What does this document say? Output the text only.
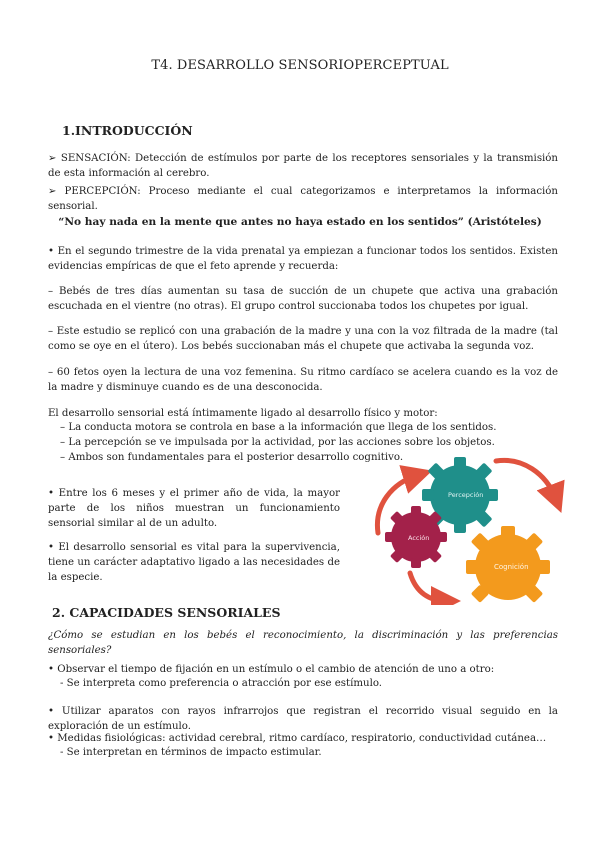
T4. DESARROLLO SENSORIOPERCEPTUAL
1.INTRODUCCIÓN
➢ SENSACIÓN: Detección de estímulos por parte de los receptores sensoriales y la transmisión de esta información al cerebro.
➢ PERCEPCIÓN: Proceso mediante el cual categorizamos e interpretamos la información sensorial.
“No hay nada en la mente que antes no haya estado en los sentidos” (Aristóteles)
• En el segundo trimestre de la vida prenatal ya empiezan a funcionar todos los sentidos. Existen evidencias empíricas de que el feto aprende y recuerda:
– Bebés de tres días aumentan su tasa de succión de un chupete que activa una grabación escuchada en el vientre (no otras). El grupo control succionaba todos los chupetes por igual.
– Este estudio se replicó con una grabación de la madre y una con la voz filtrada de la madre (tal como se oye en el útero). Los bebés succionaban más el chupete que activaba la segunda voz.
– 60 fetos oyen la lectura de una voz femenina. Su ritmo cardíaco se acelera cuando es la voz de la madre y disminuye cuando es de una desconocida.
El desarrollo sensorial está íntimamente ligado al desarrollo físico y motor:
– La conducta motora se controla en base a la información que llega de los sentidos.
– La percepción se ve impulsada por la actividad, por las acciones sobre los objetos.
– Ambos son fundamentales para el posterior desarrollo cognitivo.
• Entre los 6 meses y el primer año de vida, la mayor parte de los niños muestran un funcionamiento sensorial similar al de un adulto.
• El desarrollo sensorial es vital para la supervivencia, tiene un carácter adaptativo ligado a las necesidades de la especie.
Percepción
Acción
Cognición
2. CAPACIDADES SENSORIALES
¿Cómo se estudian en los bebés el reconocimiento, la discriminación y las preferencias sensoriales?
• Observar el tiempo de fijación en un estímulo o el cambio de atención de uno a otro:
- Se interpreta como preferencia o atracción por ese estímulo.
• Utilizar aparatos con rayos infrarrojos que registran el recorrido visual seguido en la exploración de un estímulo.
• Medidas fisiológicas: actividad cerebral, ritmo cardíaco, respiratorio, conductividad cutánea…
- Se interpretan en términos de impacto estimular.
